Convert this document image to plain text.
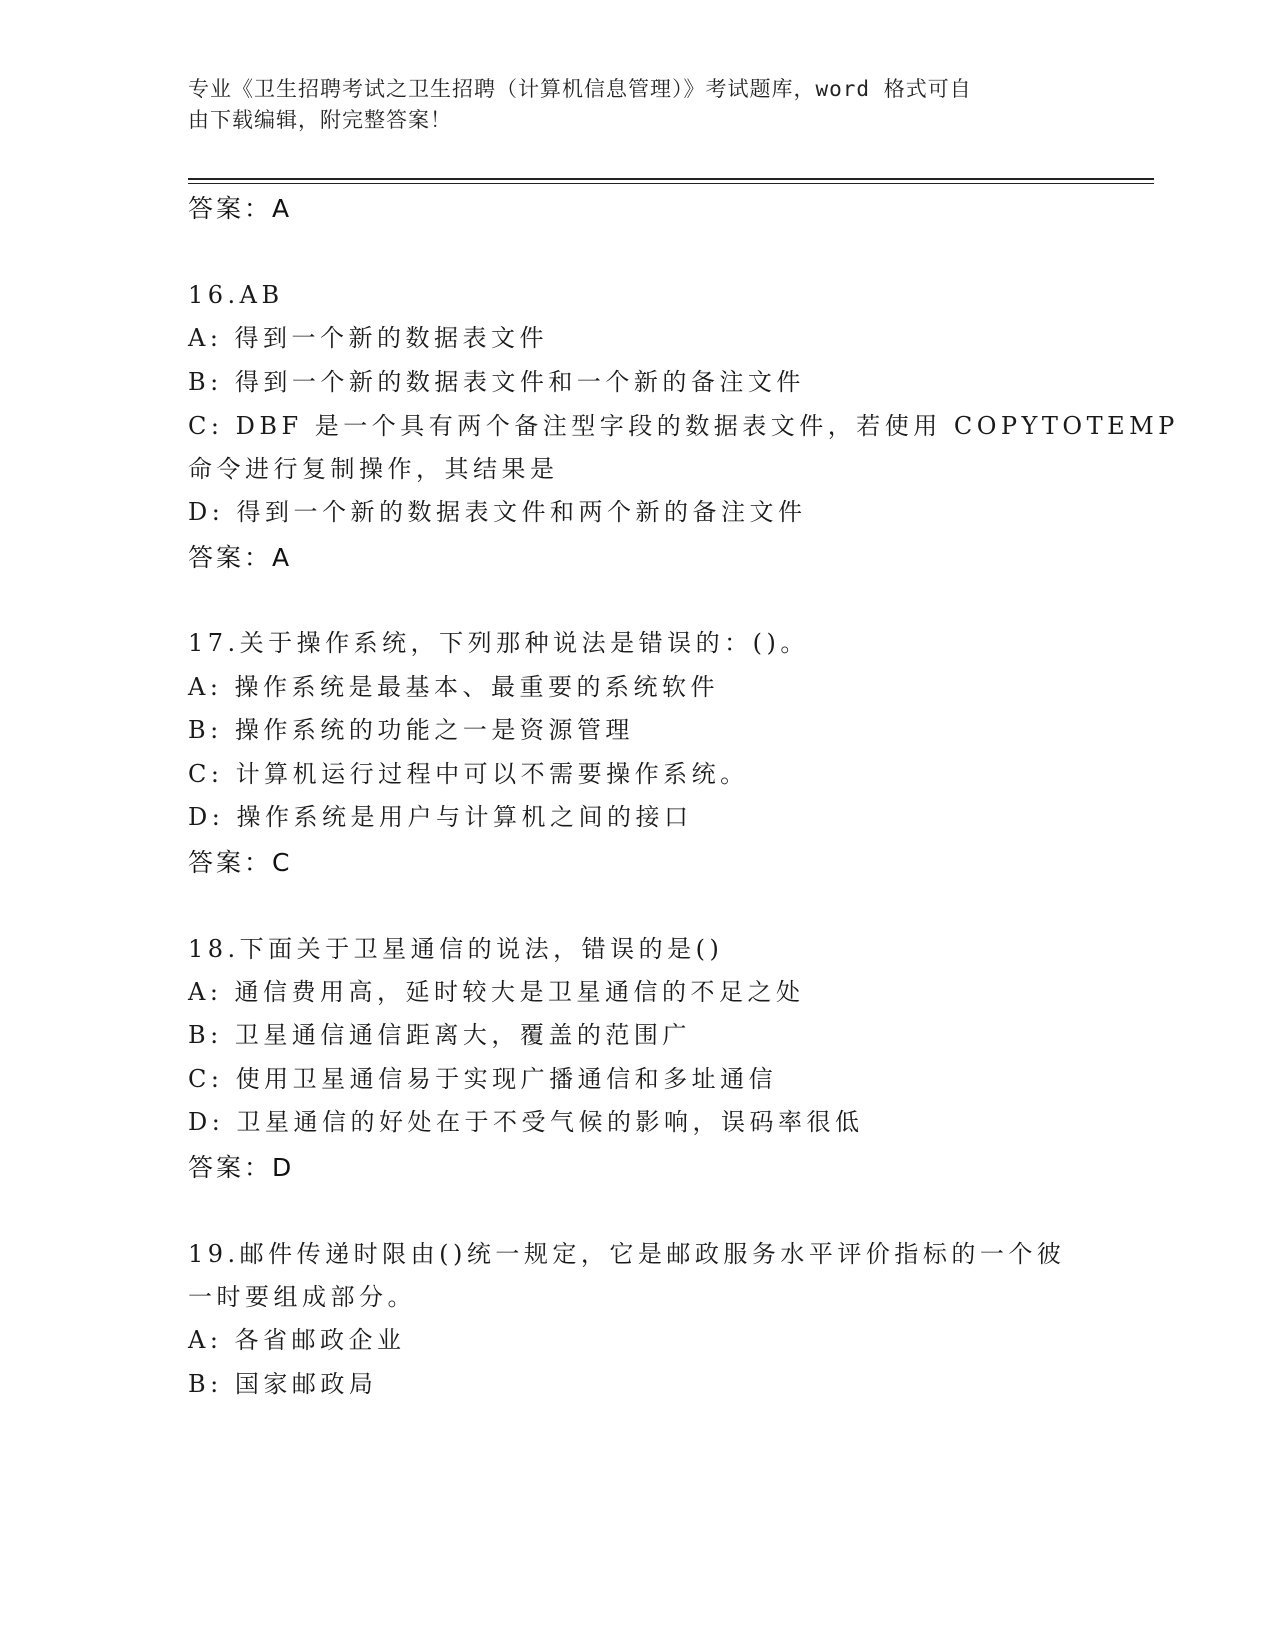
专业《卫生招聘考试之卫生招聘（计算机信息管理）》考试题库，word 格式可自
由下载编辑，附完整答案！
答案：A
16.AB
A: 得到一个新的数据表文件
B: 得到一个新的数据表文件和一个新的备注文件
C: DBF 是一个具有两个备注型字段的数据表文件，若使用 COPYTOTEMP
命令进行复制操作，其结果是
D: 得到一个新的数据表文件和两个新的备注文件
答案：A
17.关于操作系统，下列那种说法是错误的：()。
A: 操作系统是最基本、最重要的系统软件
B: 操作系统的功能之一是资源管理
C: 计算机运行过程中可以不需要操作系统。
D: 操作系统是用户与计算机之间的接口
答案：C
18.下面关于卫星通信的说法，错误的是()
A: 通信费用高，延时较大是卫星通信的不足之处
B: 卫星通信通信距离大，覆盖的范围广
C: 使用卫星通信易于实现广播通信和多址通信
D: 卫星通信的好处在于不受气候的影响，误码率很低
答案：D
19.邮件传递时限由()统一规定，它是邮政服务水平评价指标的一个彼
一时要组成部分。
A: 各省邮政企业
B: 国家邮政局
